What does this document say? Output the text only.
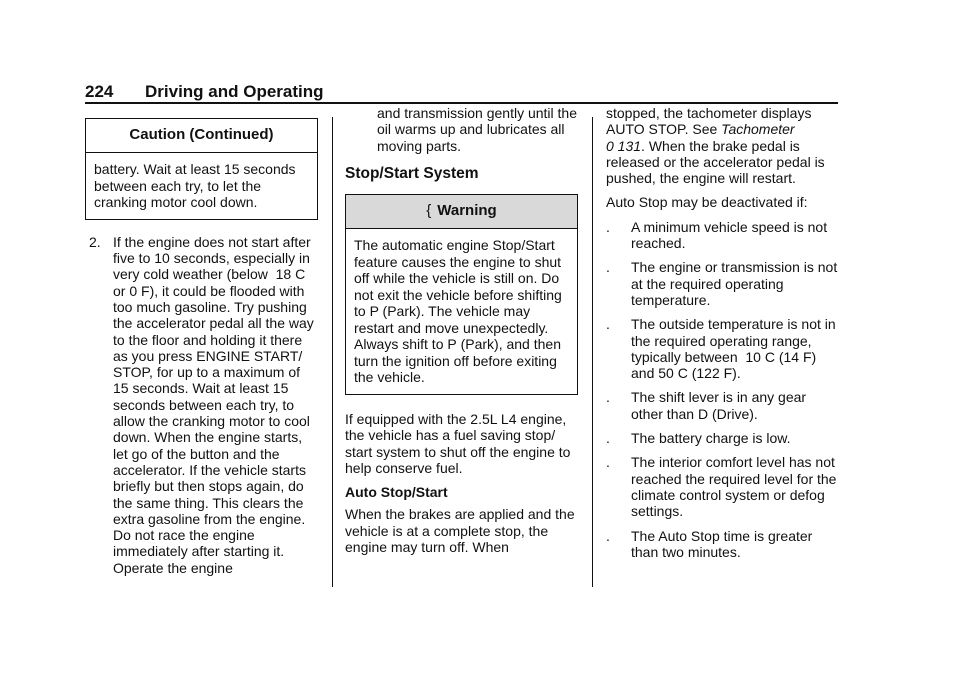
224 Driving and Operating
Caution (Continued)
battery. Wait at least 15 seconds between each try, to let the cranking motor cool down.
2. If the engine does not start after five to 10 seconds, especially in very cold weather (below  18 C or 0 F), it could be flooded with too much gasoline. Try pushing the accelerator pedal all the way to the floor and holding it there as you press ENGINE START/ STOP, for up to a maximum of 15 seconds. Wait at least 15 seconds between each try, to allow the cranking motor to cool down. When the engine starts, let go of the button and the accelerator. If the vehicle starts briefly but then stops again, do the same thing. This clears the extra gasoline from the engine. Do not race the engine immediately after starting it. Operate the engine

and transmission gently until the oil warms up and lubricates all moving parts.

Stop/Start System
{ Warning
The automatic engine Stop/Start feature causes the engine to shut off while the vehicle is still on. Do not exit the vehicle before shifting to P (Park). The vehicle may restart and move unexpectedly. Always shift to P (Park), and then turn the ignition off before exiting the vehicle.

If equipped with the 2.5L L4 engine, the vehicle has a fuel saving stop/ start system to shut off the engine to help conserve fuel.

Auto Stop/Start

When the brakes are applied and the vehicle is at a complete stop, the engine may turn off. When

stopped, the tachometer displays AUTO STOP. See Tachometer
0 131. When the brake pedal is released or the accelerator pedal is pushed, the engine will restart.

Auto Stop may be deactivated if:

. A minimum vehicle speed is not reached.
. The engine or transmission is not at the required operating temperature.
. The outside temperature is not in the required operating range, typically between  10 C (14 F) and 50 C (122 F).
. The shift lever is in any gear other than D (Drive).
. The battery charge is low.
. The interior comfort level has not reached the required level for the climate control system or defog settings.
. The Auto Stop time is greater than two minutes.
